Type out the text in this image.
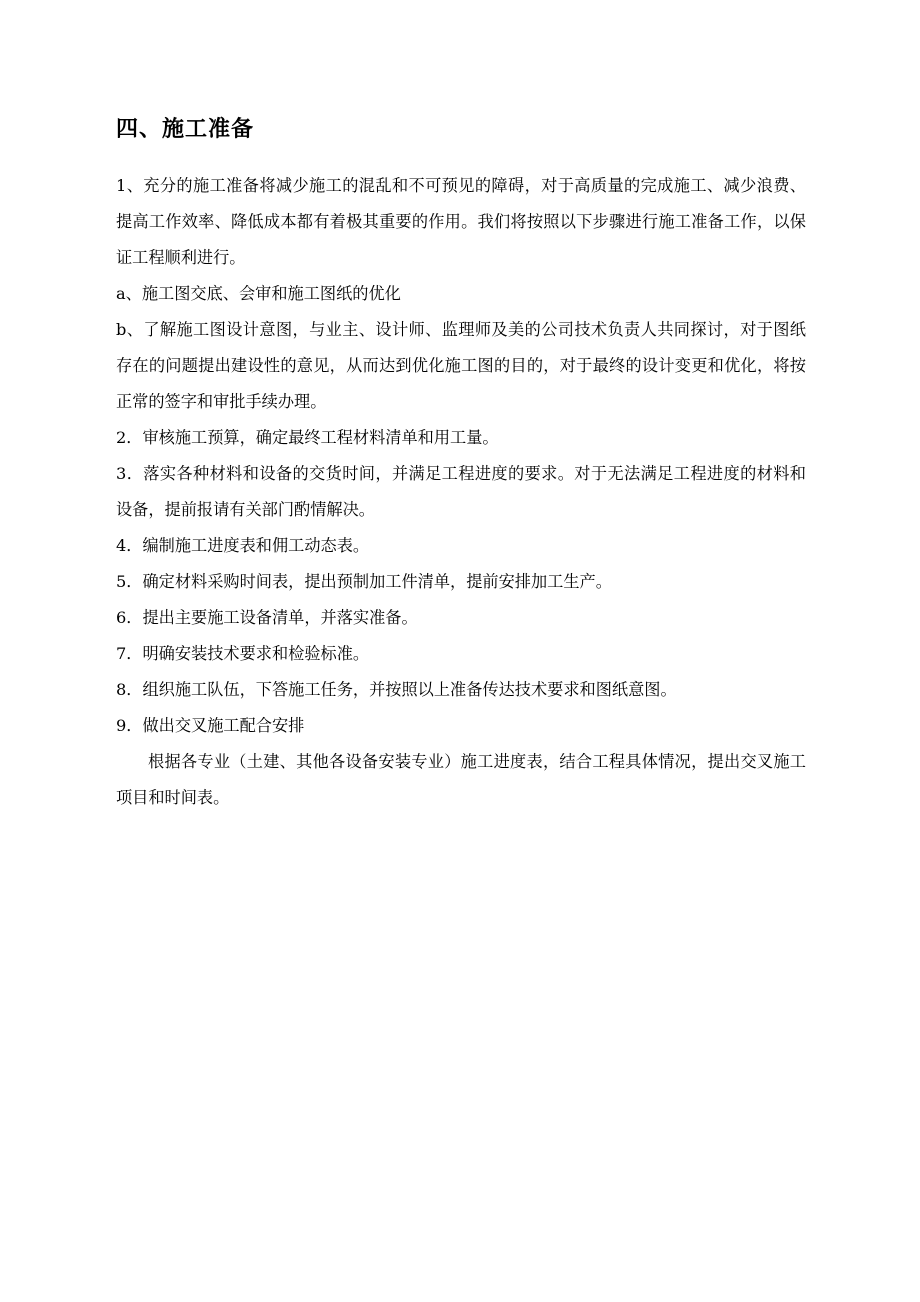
四、施工准备

1、充分的施工准备将减少施工的混乱和不可预见的障碍，对于高质量的完成施工、减少浪费、提高工作效率、降低成本都有着极其重要的作用。我们将按照以下步骤进行施工准备工作，以保证工程顺利进行。

a、施工图交底、会审和施工图纸的优化

b、了解施工图设计意图，与业主、设计师、监理师及美的公司技术负责人共同探讨，对于图纸存在的问题提出建设性的意见，从而达到优化施工图的目的，对于最终的设计变更和优化，将按正常的签字和审批手续办理。

2．审核施工预算，确定最终工程材料清单和用工量。

3．落实各种材料和设备的交货时间，并满足工程进度的要求。对于无法满足工程进度的材料和设备，提前报请有关部门酌情解决。

4．编制施工进度表和佣工动态表。

5．确定材料采购时间表，提出预制加工件清单，提前安排加工生产。

6．提出主要施工设备清单，并落实准备。

7．明确安装技术要求和检验标准。

8．组织施工队伍，下答施工任务，并按照以上准备传达技术要求和图纸意图。

9．做出交叉施工配合安排

根据各专业（土建、其他各设备安装专业）施工进度表，结合工程具体情况，提出交叉施工项目和时间表。
